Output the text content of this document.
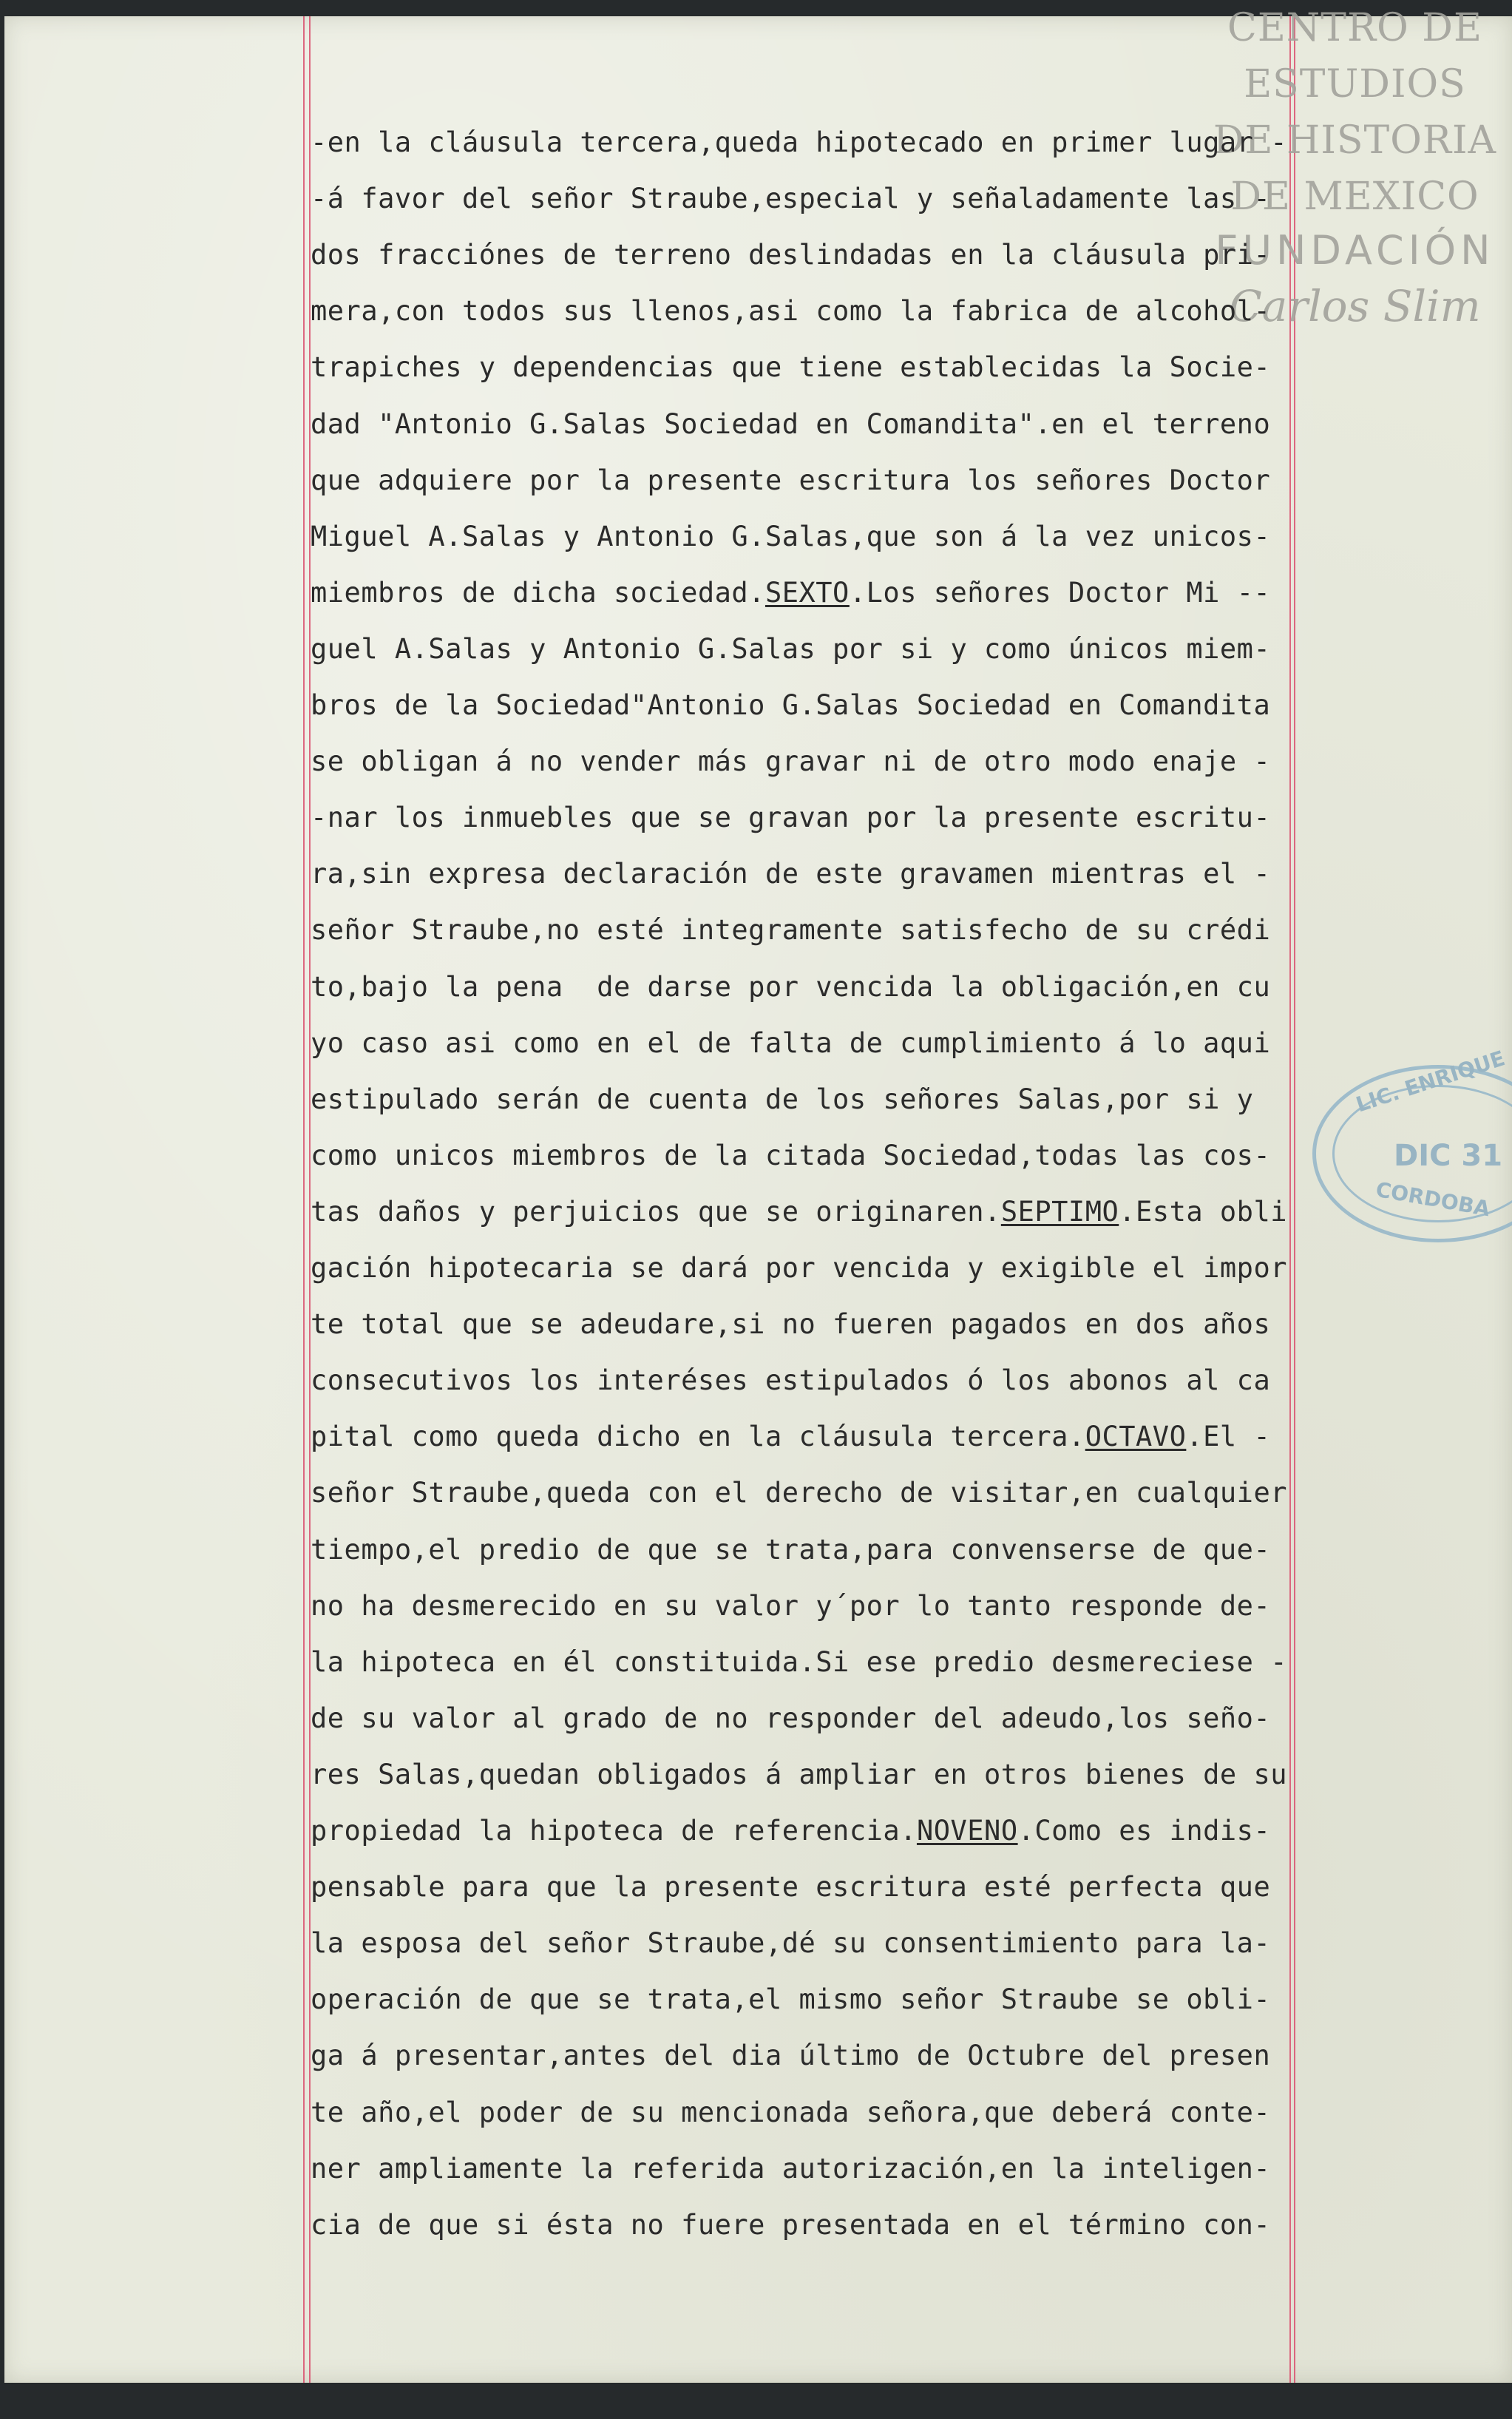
CENTRO DE
ESTUDIOS
DE HISTORIA
DE MEXICO
FUNDACIÓN
Carlos Slim
LIC. ENRIQUE
DIC 31
CORDOBA
-en la cláusula tercera,queda hipotecado en primer lugar -
-á favor del señor Straube,especial y señaladamente las -
dos fracciónes de terreno deslindadas en la cláusula pri-
mera,con todos sus llenos,asi como la fabrica de alcohol-
trapiches y dependencias que tiene establecidas la Socie-
dad "Antonio G.Salas Sociedad en Comandita".en el terreno
que adquiere por la presente escritura los señores Doctor
Miguel A.Salas y Antonio G.Salas,que son á la vez unicos-
miembros de dicha sociedad.SEXTO.Los señores Doctor Mi --
guel A.Salas y Antonio G.Salas por si y como únicos miem-
bros de la Sociedad"Antonio G.Salas Sociedad en Comandita
se obligan á no vender más gravar ni de otro modo enaje -
-nar los inmuebles que se gravan por la presente escritu-
ra,sin expresa declaración de este gravamen mientras el -
señor Straube,no esté integramente satisfecho de su crédi
to,bajo la pena  de darse por vencida la obligación,en cu
yo caso asi como en el de falta de cumplimiento á lo aqui
estipulado serán de cuenta de los señores Salas,por si y
como unicos miembros de la citada Sociedad,todas las cos-
tas daños y perjuicios que se originaren.SEPTIMO.Esta obli
gación hipotecaria se dará por vencida y exigible el impor
te total que se adeudare,si no fueren pagados en dos años
consecutivos los interéses estipulados ó los abonos al ca
pital como queda dicho en la cláusula tercera.OCTAVO.El -
señor Straube,queda con el derecho de visitar,en cualquier
tiempo,el predio de que se trata,para convenserse de que-
no ha desmerecido en su valor y´por lo tanto responde de-
la hipoteca en él constituida.Si ese predio desmereciese -
de su valor al grado de no responder del adeudo,los seño-
res Salas,quedan obligados á ampliar en otros bienes de su
propiedad la hipoteca de referencia.NOVENO.Como es indis-
pensable para que la presente escritura esté perfecta que
la esposa del señor Straube,dé su consentimiento para la-
operación de que se trata,el mismo señor Straube se obli-
ga á presentar,antes del dia último de Octubre del presen
te año,el poder de su mencionada señora,que deberá conte-
ner ampliamente la referida autorización,en la inteligen-
cia de que si ésta no fuere presentada en el término con-
